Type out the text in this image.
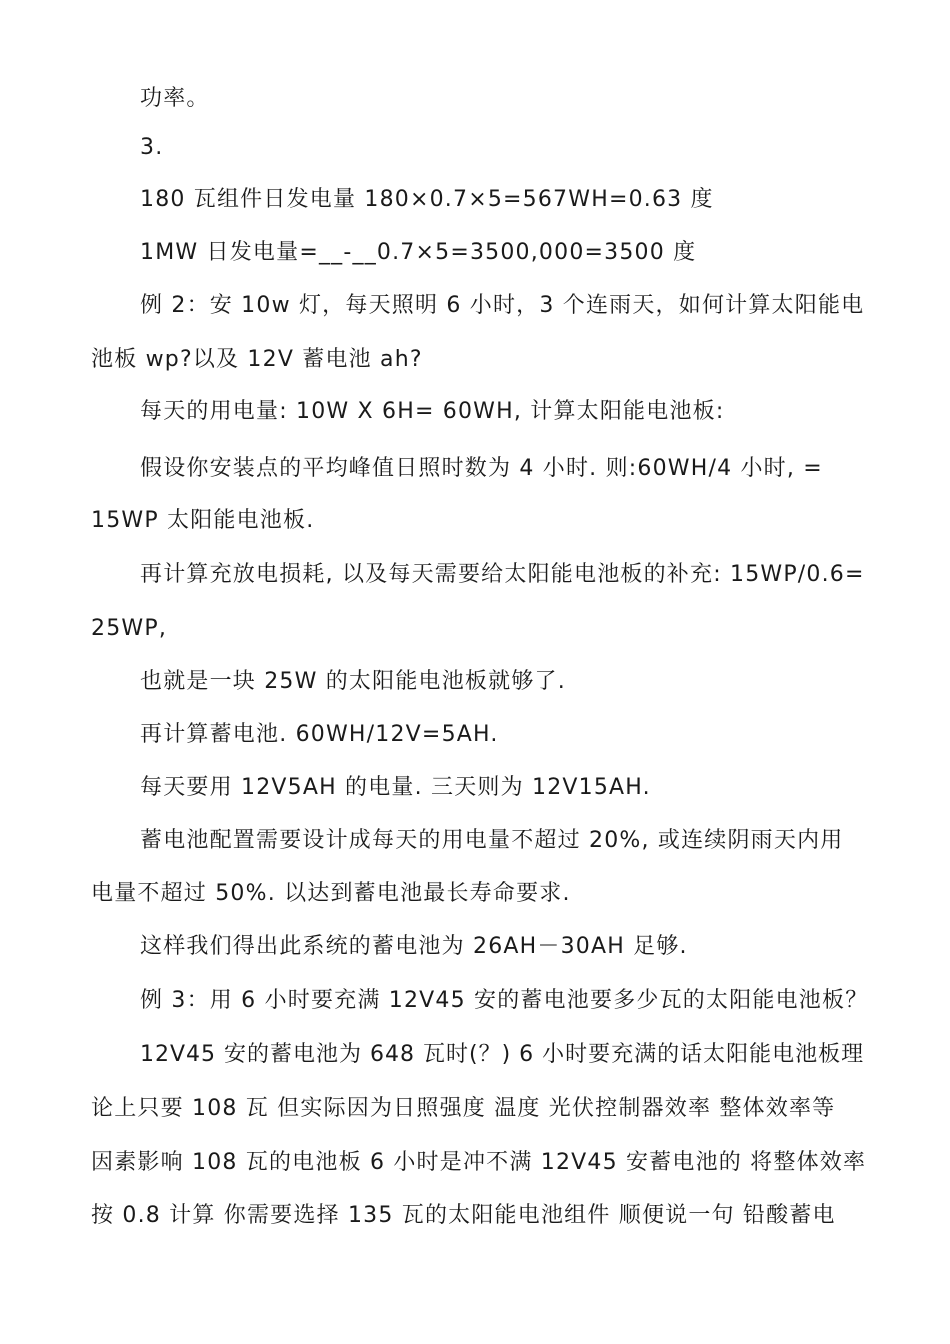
功率。
3.
180 瓦组件日发电量 180×0.7×5=567WH=0.63 度
1MW 日发电量=__-__0.7×5=3500,000=3500 度
例 2：安 10w 灯，每天照明 6 小时，3 个连雨天，如何计算太阳能电
池板 wp?以及 12V 蓄电池 ah?
每天的用电量: 10W X 6H= 60WH, 计算太阳能电池板:
假设你安装点的平均峰值日照时数为 4 小时. 则:60WH/4 小时, =
15WP 太阳能电池板.
再计算充放电损耗, 以及每天需要给太阳能电池板的补充: 15WP/0.6=
25WP,
也就是一块 25W 的太阳能电池板就够了.
再计算蓄电池. 60WH/12V=5AH.
每天要用 12V5AH 的电量. 三天则为 12V15AH.
蓄电池配置需要设计成每天的用电量不超过 20%, 或连续阴雨天内用
电量不超过 50%. 以达到蓄电池最长寿命要求.
这样我们得出此系统的蓄电池为 26AH－30AH 足够.
例 3：用 6 小时要充满 12V45 安的蓄电池要多少瓦的太阳能电池板？
12V45 安的蓄电池为 648 瓦时(？) 6 小时要充满的话太阳能电池板理
论上只要 108 瓦 但实际因为日照强度 温度 光伏控制器效率 整体效率等
因素影响 108 瓦的电池板 6 小时是冲不满 12V45 安蓄电池的 将整体效率
按 0.8 计算 你需要选择 135 瓦的太阳能电池组件 顺便说一句 铅酸蓄电
